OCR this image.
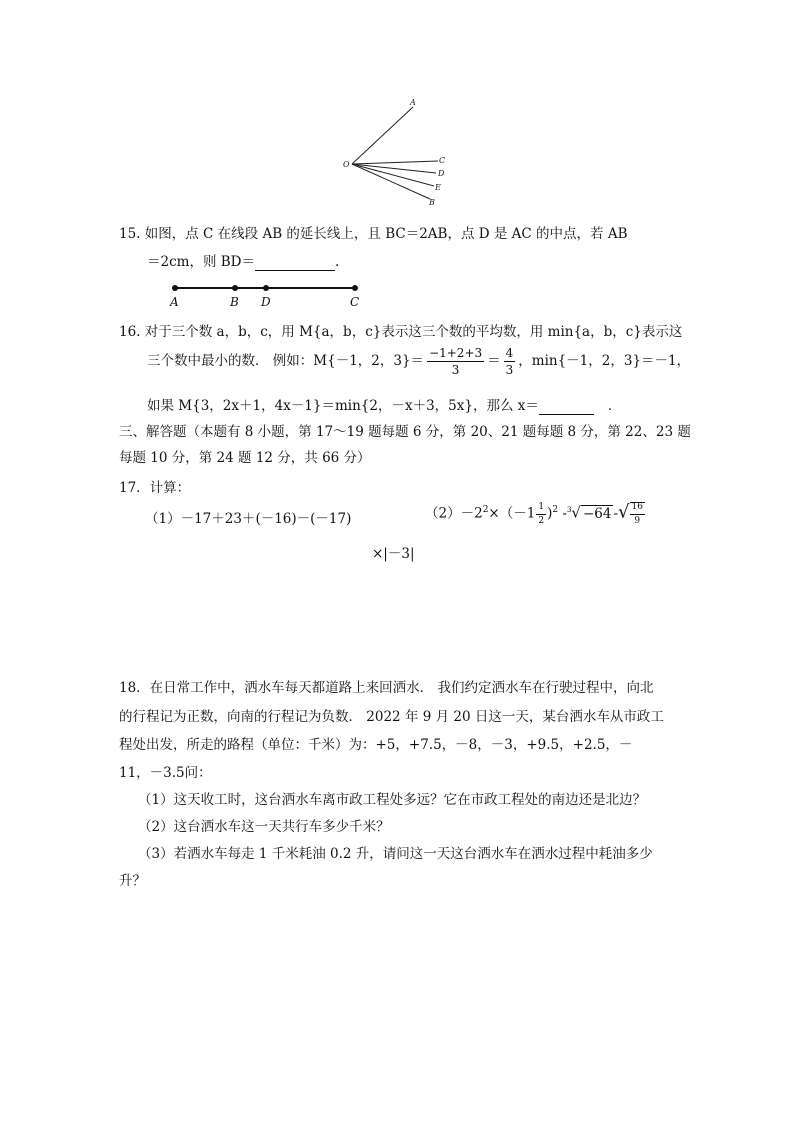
A
O	C
D
E
B
15. 如图，点 C 在线段 AB 的延长线上，且 BC＝2AB，点 D 是 AC 的中点，若 AB
＝2cm，则 BD＝	.
A	B D	C
16. 对于三个数 a，b，c，用 M{a，b，c}表示这三个数的平均数，用 min{a，b，c}表示这
三个数中最小的数． 例如：M{－1，2，$3\}= \frac{-1+2+3}{3} = \frac{4}{3}$ ，min{－1，2，3}＝－1，
如果 M{3，2x＋1，4x－1}＝min{2，－x＋3，5x}，那么 x＝	．
三、解答题（本题有 8 小题，第 17～19 题每题 6 分，第 20、21 题每题 8 分，第 22、23 题
每题 10 分，第 24 题 12 分，共 66 分）
17．计算：
（1）－17＋23＋(－16)－(－17)	$(2)-2^2\times(-1 \frac{1}{2} )^2$ -$^3$√ −64 -√ $\frac{16}{9}$
×|－3|
18．在日常工作中，洒水车每天都道路上来回洒水． 我们约定洒水车在行驶过程中，向北
的行程记为正数，向南的行程记为负数． 2022 年 9 月 20 日这一天，某台洒水车从市政工
程处出发，所走的路程（单位：千米）为：+5，+7.5，－8，－3，+9.5，+2.5，－
11，－3.5问：
（1）这天收工时，这台洒水车离市政工程处多远？它在市政工程处的南边还是北边？
（2）这台洒水车这一天共行车多少千米？
（3）若洒水车每走 1 千米耗油 0.2 升，请问这一天这台洒水车在洒水过程中耗油多少
升？
